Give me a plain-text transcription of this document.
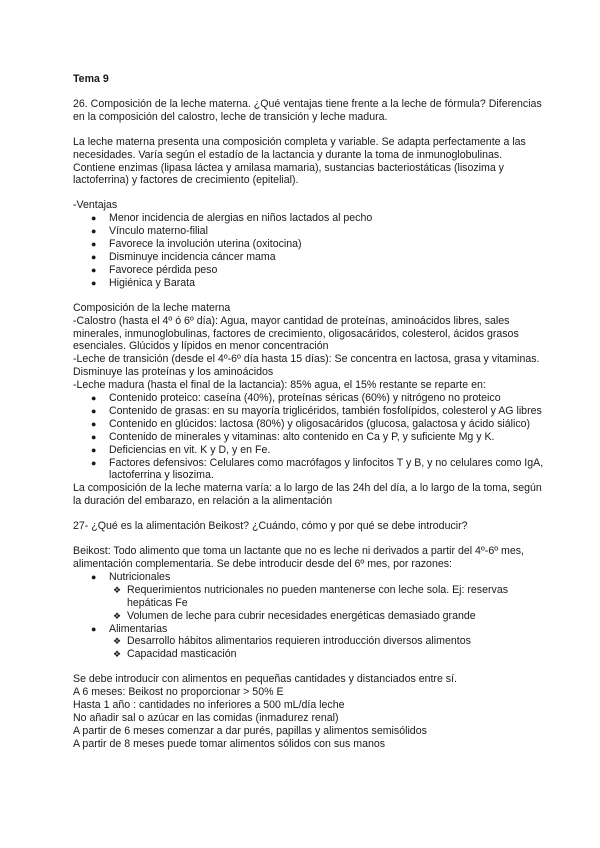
Tema 9

26. Composición de la leche materna. ¿Qué ventajas tiene frente a la leche de fórmula? Diferencias en la composición del calostro, leche de transición y leche madura.

La leche materna presenta una composición completa y variable. Se adapta perfectamente a las necesidades. Varía según el estadío de la lactancia y durante la toma de inmunoglobulinas. Contiene enzimas (lipasa láctea y amilasa mamaria), sustancias bacteriostáticas (lisozima y lactoferrina) y factores de crecimiento (epitelial).

-Ventajas

● Menor incidencia de alergias en niños lactados al pecho
● Vínculo materno-filial
● Favorece la involución uterina (oxitocina)
● Disminuye incidencia cáncer mama
● Favorece pérdida peso
● Higiénica y Barata

Composición de la leche materna

-Calostro (hasta el 4º ó 6º día): Agua, mayor cantidad de proteínas, aminoácidos libres, sales minerales, inmunoglobulinas, factores de crecimiento, oligosacáridos, colesterol, ácidos grasos esenciales. Glúcidos y lípidos en menor concentración

-Leche de transición (desde el 4º-6º día hasta 15 días): Se concentra en lactosa, grasa y vitaminas. Disminuye las proteínas y los aminoácidos

-Leche madura (hasta el final de la lactancia): 85% agua, el 15% restante se reparte en:

● Contenido proteico: caseína (40%), proteínas séricas (60%) y nitrógeno no proteico
● Contenido de grasas: en su mayoría triglicéridos, también fosfolípidos, colesterol y AG libres
● Contenido en glúcidos: lactosa (80%) y oligosacáridos (glucosa, galactosa y ácido siálico)
● Contenido de minerales y vitaminas: alto contenido en Ca y P, y suficiente Mg y K.
● Deficiencias en vit. K y D, y en Fe.
● Factores defensivos: Celulares como macrófagos y linfocitos T y B, y no celulares como IgA, lactoferrina y lisozima.

La composición de la leche materna varía: a lo largo de las 24h del día, a lo largo de la toma, según la duración del embarazo, en relación a la alimentación

27- ¿Qué es la alimentación Beikost? ¿Cuándo, cómo y por qué se debe introducir?

Beikost: Todo alimento que toma un lactante que no es leche ni derivados a partir del 4º-6º mes, alimentación complementaria. Se debe introducir desde del 6º mes, por razones:

● Nutricionales
❖ Requerimientos nutricionales no pueden mantenerse con leche sola. Ej: reservas hepáticas Fe
❖ Volumen de leche para cubrir necesidades energéticas demasiado grande
● Alimentarias
❖ Desarrollo hábitos alimentarios requieren introducción diversos alimentos
❖ Capacidad masticación

Se debe introducir con alimentos en pequeñas cantidades y distanciados entre sí.

A 6 meses: Beikost no proporcionar > 50% E

Hasta 1 año : cantidades no inferiores a 500 mL/día leche

No añadir sal o azúcar en las comidas (inmadurez renal)

A partir de 6 meses comenzar a dar purés, papillas y alimentos semisólidos

A partir de 8 meses puede tomar alimentos sólidos con sus manos
